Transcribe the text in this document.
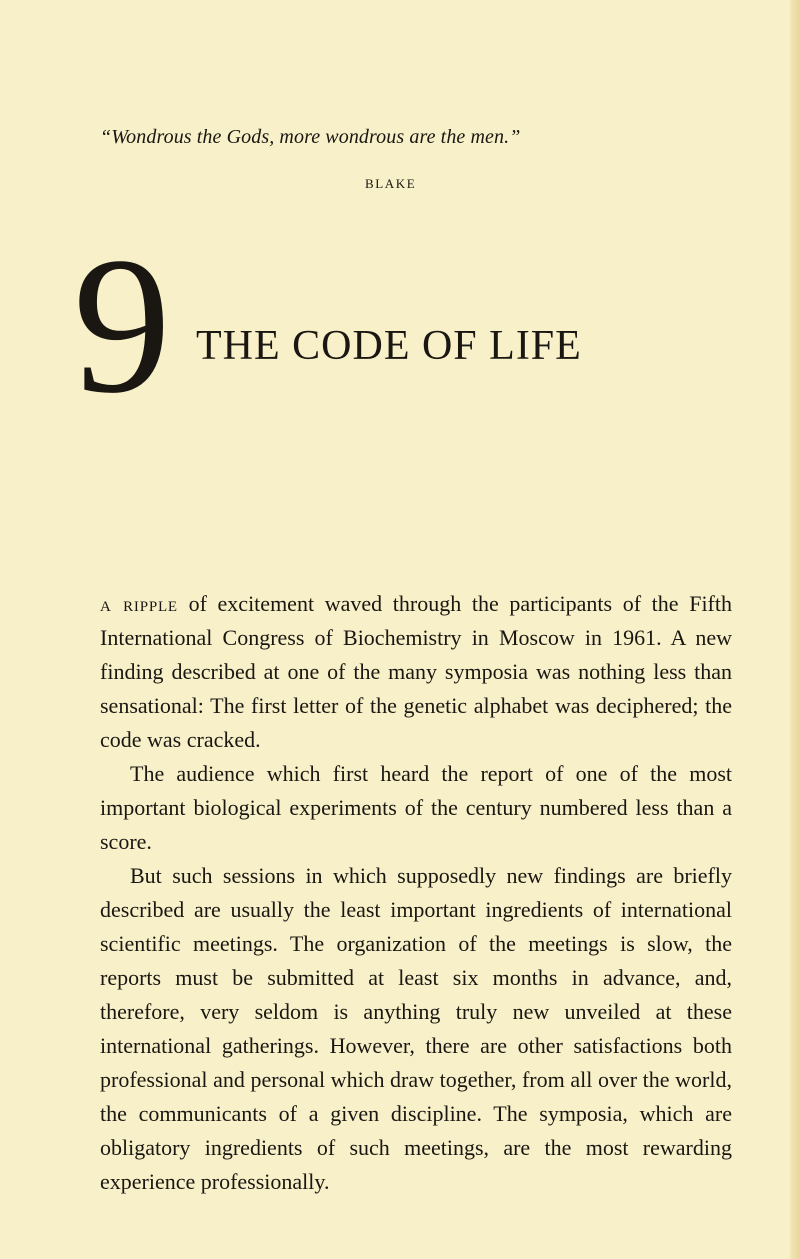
“Wondrous the Gods, more wondrous are the men.”
BLAKE
9 THE CODE OF LIFE

a ripple of excitement waved through the participants of the Fifth International Congress of Biochemistry in Moscow in 1961. A new finding described at one of the many symposia was nothing less than sensational: The first letter of the genetic alphabet was deciphered; the code was cracked.

The audience which first heard the report of one of the most important biological experiments of the century numbered less than a score.

But such sessions in which supposedly new findings are briefly described are usually the least important ingredients of international scientific meetings. The organization of the meetings is slow, the reports must be submitted at least six months in advance, and, therefore, very seldom is anything truly new unveiled at these international gatherings. However, there are other satisfactions both professional and personal which draw together, from all over the world, the communicants of a given discipline. The symposia, which are obligatory ingredients of such meetings, are the most rewarding experience professionally.
